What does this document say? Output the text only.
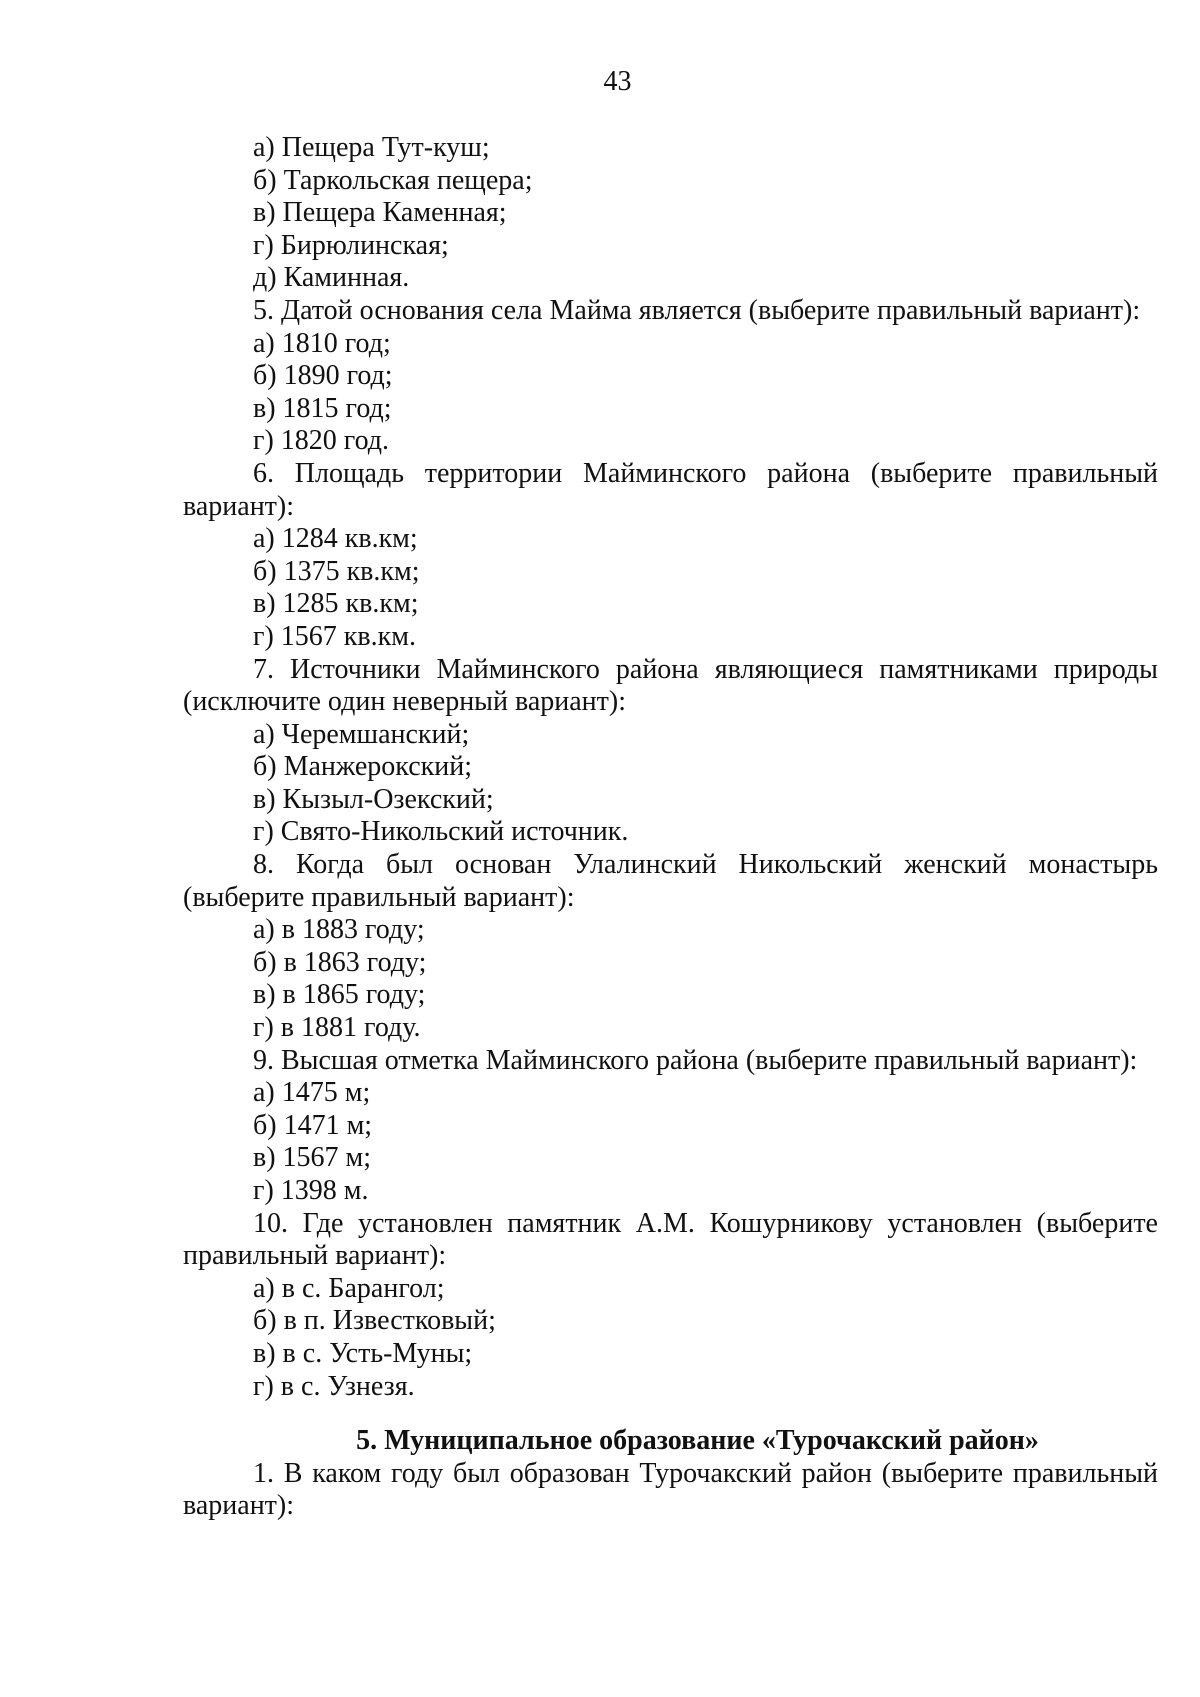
43

а) Пещера Тут-куш;

б) Таркольская пещера;

в) Пещера Каменная;

г) Бирюлинская;

д) Каминная.

5. Датой основания села Майма является (выберите правильный вариант):

а) 1810 год;

б) 1890 год;

в) 1815 год;

г) 1820 год.

6. Площадь территории Майминского района (выберите правильный вариант):

а) 1284 кв.км;

б) 1375 кв.км;

в) 1285 кв.км;

г) 1567 кв.км.

7. Источники Майминского района являющиеся памятниками природы (исключите один неверный вариант):

а) Черемшанский;

б) Манжерокский;

в) Кызыл-Озекский;

г) Свято-Никольский источник.

8. Когда был основан Улалинский Никольский женский монастырь (выберите правильный вариант):

а) в 1883 году;

б) в 1863 году;

в) в 1865 году;

г) в 1881 году.

9. Высшая отметка Майминского района (выберите правильный вариант):

а) 1475 м;

б) 1471 м;

в) 1567 м;

г) 1398 м.

10. Где установлен памятник А.М. Кошурникову установлен (выберите правильный вариант):

а) в с. Барангол;

б) в п. Известковый;

в) в с. Усть-Муны;

г) в с. Узнезя.

5. Муниципальное образование «Турочакский район»

1. В каком году был образован Турочакский район (выберите правильный вариант):
